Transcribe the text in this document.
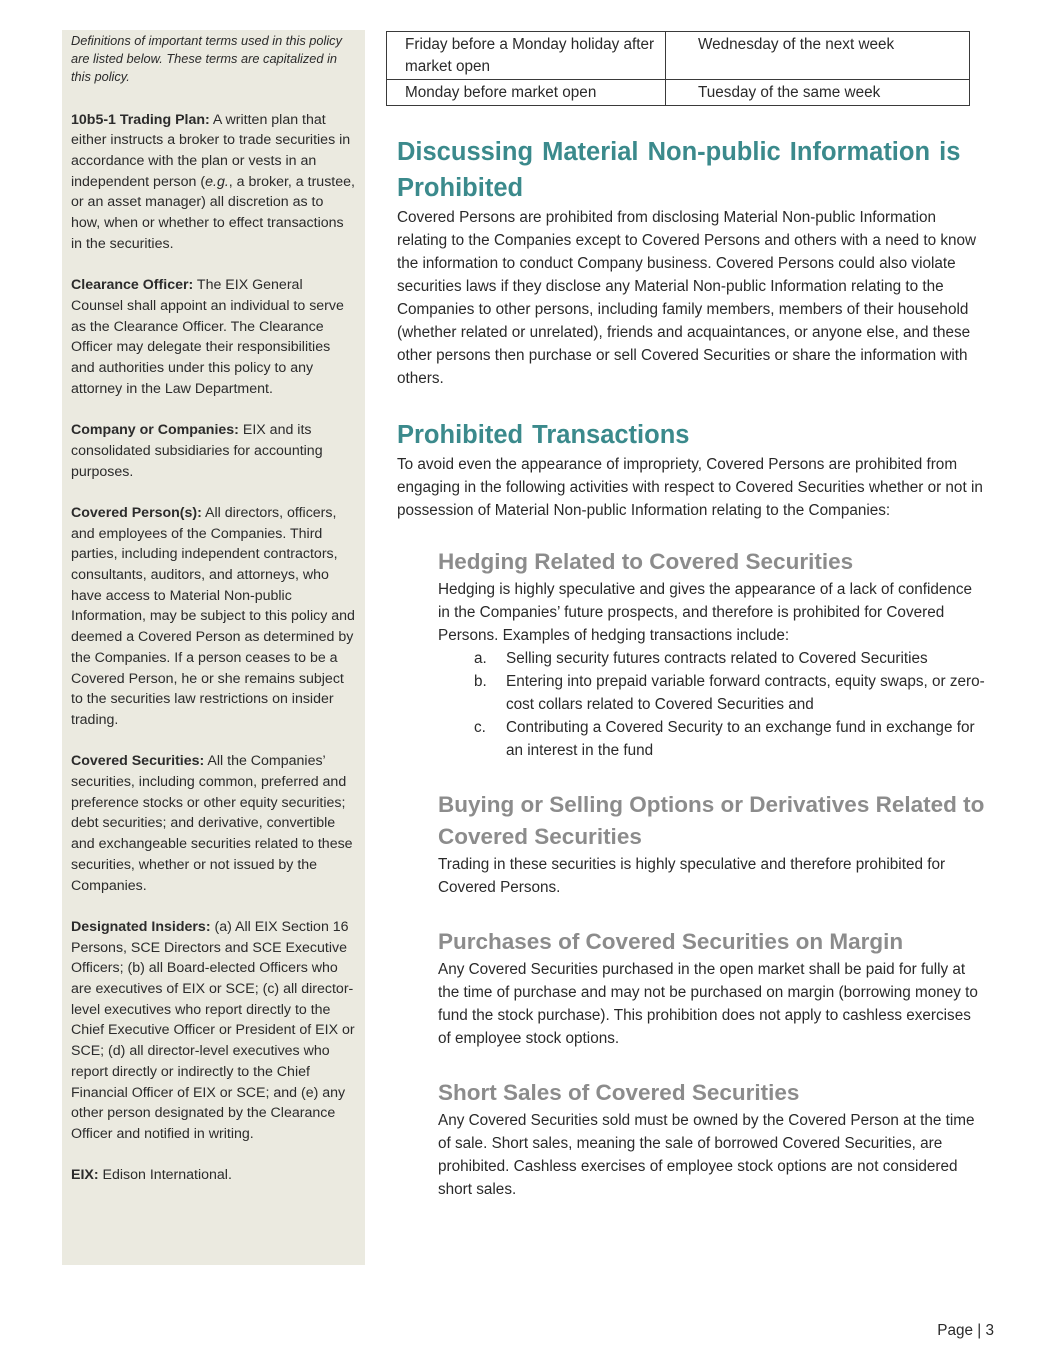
Definitions of important terms used in this policy are listed below. These terms are capitalized in this policy.

10b5-1 Trading Plan: A written plan that either instructs a broker to trade securities in accordance with the plan or vests in an independent person (e.g., a broker, a trustee, or an asset manager) all discretion as to how, when or whether to effect transactions in the securities.

Clearance Officer: The EIX General Counsel shall appoint an individual to serve as the Clearance Officer. The Clearance Officer may delegate their responsibilities and authorities under this policy to any attorney in the Law Department.

Company or Companies: EIX and its consolidated subsidiaries for accounting purposes.

Covered Person(s): All directors, officers, and employees of the Companies. Third parties, including independent contractors, consultants, auditors, and attorneys, who have access to Material Non-public Information, may be subject to this policy and deemed a Covered Person as determined by the Companies. If a person ceases to be a Covered Person, he or she remains subject to the securities law restrictions on insider trading.

Covered Securities: All the Companies’ securities, including common, preferred and preference stocks or other equity securities; debt securities; and derivative, convertible and exchangeable securities related to these securities, whether or not issued by the Companies.

Designated Insiders: (a) All EIX Section 16 Persons, SCE Directors and SCE Executive Officers; (b) all Board-elected Officers who are executives of EIX or SCE; (c) all director-level executives who report directly to the Chief Executive Officer or President of EIX or SCE; (d) all director-level executives who report directly or indirectly to the Chief Financial Officer of EIX or SCE; and (e) any other person designated by the Clearance Officer and notified in writing.

EIX: Edison International.

Friday before a Monday holiday after market open	Wednesday of the next week
Monday before market open	Tuesday of the same week
Discussing Material Non-public Information is Prohibited

Covered Persons are prohibited from disclosing Material Non-public Information relating to the Companies except to Covered Persons and others with a need to know the information to conduct Company business. Covered Persons could also violate securities laws if they disclose any Material Non-public Information relating to the Companies to other persons, including family members, members of their household (whether related or unrelated), friends and acquaintances, or anyone else, and these other persons then purchase or sell Covered Securities or share the information with others.

Prohibited Transactions

To avoid even the appearance of impropriety, Covered Persons are prohibited from engaging in the following activities with respect to Covered Securities whether or not in possession of Material Non-public Information relating to the Companies:

Hedging Related to Covered Securities

Hedging is highly speculative and gives the appearance of a lack of confidence in the Companies’ future prospects, and therefore is prohibited for Covered Persons. Examples of hedging transactions include:

a.	Selling security futures contracts related to Covered Securities
b.	Entering into prepaid variable forward contracts, equity swaps, or zero-cost collars related to Covered Securities and
c.	Contributing a Covered Security to an exchange fund in exchange for an interest in the fund
Buying or Selling Options or Derivatives Related to Covered Securities

Trading in these securities is highly speculative and therefore prohibited for Covered Persons.

Purchases of Covered Securities on Margin

Any Covered Securities purchased in the open market shall be paid for fully at the time of purchase and may not be purchased on margin (borrowing money to fund the stock purchase). This prohibition does not apply to cashless exercises of employee stock options.

Short Sales of Covered Securities

Any Covered Securities sold must be owned by the Covered Person at the time of sale. Short sales, meaning the sale of borrowed Covered Securities, are prohibited. Cashless exercises of employee stock options are not considered short sales.

Page | 3
